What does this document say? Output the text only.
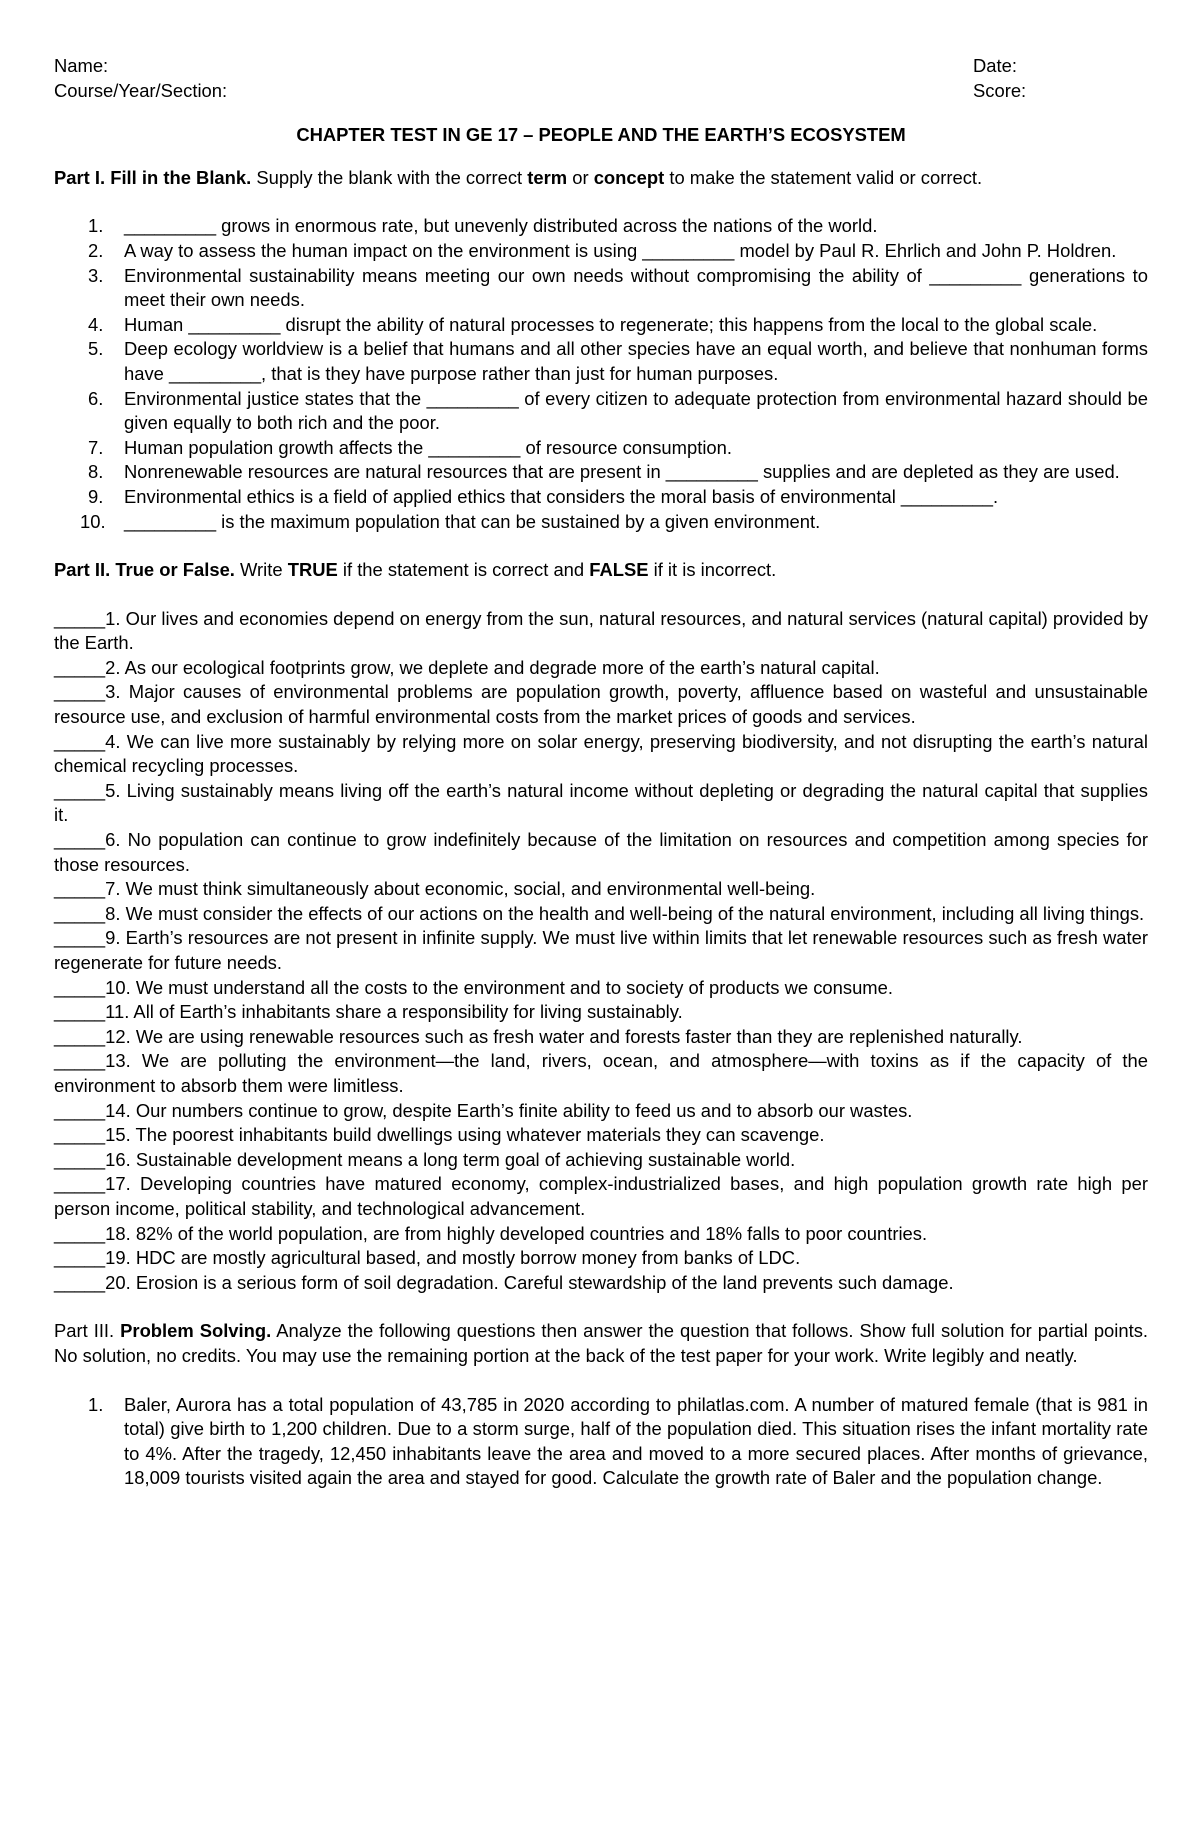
Name:
Course/Year/Section:
Date:
Score:
CHAPTER TEST IN GE 17 – PEOPLE AND THE EARTH’S ECOSYSTEM
Part I. Fill in the Blank. Supply the blank with the correct term or concept to make the statement valid or correct.
1. _________ grows in enormous rate, but unevenly distributed across the nations of the world.
2. A way to assess the human impact on the environment is using _________ model by Paul R. Ehrlich and John P. Holdren.
3. Environmental sustainability means meeting our own needs without compromising the ability of _________ generations to meet their own needs.
4. Human _________ disrupt the ability of natural processes to regenerate; this happens from the local to the global scale.
5. Deep ecology worldview is a belief that humans and all other species have an equal worth, and believe that nonhuman forms have _________, that is they have purpose rather than just for human purposes.
6. Environmental justice states that the _________ of every citizen to adequate protection from environmental hazard should be given equally to both rich and the poor.
7. Human population growth affects the _________ of resource consumption.
8. Nonrenewable resources are natural resources that are present in _________ supplies and are depleted as they are used.
9. Environmental ethics is a field of applied ethics that considers the moral basis of environmental _________.
10. _________ is the maximum population that can be sustained by a given environment.
Part II. True or False. Write TRUE if the statement is correct and FALSE if it is incorrect.

_____1. Our lives and economies depend on energy from the sun, natural resources, and natural services (natural capital) provided by the Earth.

_____2. As our ecological footprints grow, we deplete and degrade more of the earth’s natural capital.

_____3. Major causes of environmental problems are population growth, poverty, affluence based on wasteful and unsustainable resource use, and exclusion of harmful environmental costs from the market prices of goods and services.

_____4. We can live more sustainably by relying more on solar energy, preserving biodiversity, and not disrupting the earth’s natural chemical recycling processes.

_____5. Living sustainably means living off the earth’s natural income without depleting or degrading the natural capital that supplies it.

_____6. No population can continue to grow indefinitely because of the limitation on resources and competition among species for those resources.

_____7. We must think simultaneously about economic, social, and environmental well-being.

_____8. We must consider the effects of our actions on the health and well-being of the natural environment, including all living things.

_____9. Earth’s resources are not present in infinite supply. We must live within limits that let renewable resources such as fresh water regenerate for future needs.

_____10. We must understand all the costs to the environment and to society of products we consume.

_____11. All of Earth’s inhabitants share a responsibility for living sustainably.

_____12. We are using renewable resources such as fresh water and forests faster than they are replenished naturally.

_____13. We are polluting the environment—the land, rivers, ocean, and atmosphere—with toxins as if the capacity of the environment to absorb them were limitless.

_____14. Our numbers continue to grow, despite Earth’s finite ability to feed us and to absorb our wastes.

_____15. The poorest inhabitants build dwellings using whatever materials they can scavenge.

_____16. Sustainable development means a long term goal of achieving sustainable world.

_____17. Developing countries have matured economy, complex-industrialized bases, and high population growth rate high per person income, political stability, and technological advancement.

_____18. 82% of the world population, are from highly developed countries and 18% falls to poor countries.

_____19. HDC are mostly agricultural based, and mostly borrow money from banks of LDC.

_____20. Erosion is a serious form of soil degradation. Careful stewardship of the land prevents such damage.

Part III. Problem Solving. Analyze the following questions then answer the question that follows. Show full solution for partial points. No solution, no credits. You may use the remaining portion at the back of the test paper for your work. Write legibly and neatly.
1. Baler, Aurora has a total population of 43,785 in 2020 according to philatlas.com. A number of matured female (that is 981 in total) give birth to 1,200 children. Due to a storm surge, half of the population died. This situation rises the infant mortality rate to 4%. After the tragedy, 12,450 inhabitants leave the area and moved to a more secured places. After months of grievance, 18,009 tourists visited again the area and stayed for good. Calculate the growth rate of Baler and the population change.
